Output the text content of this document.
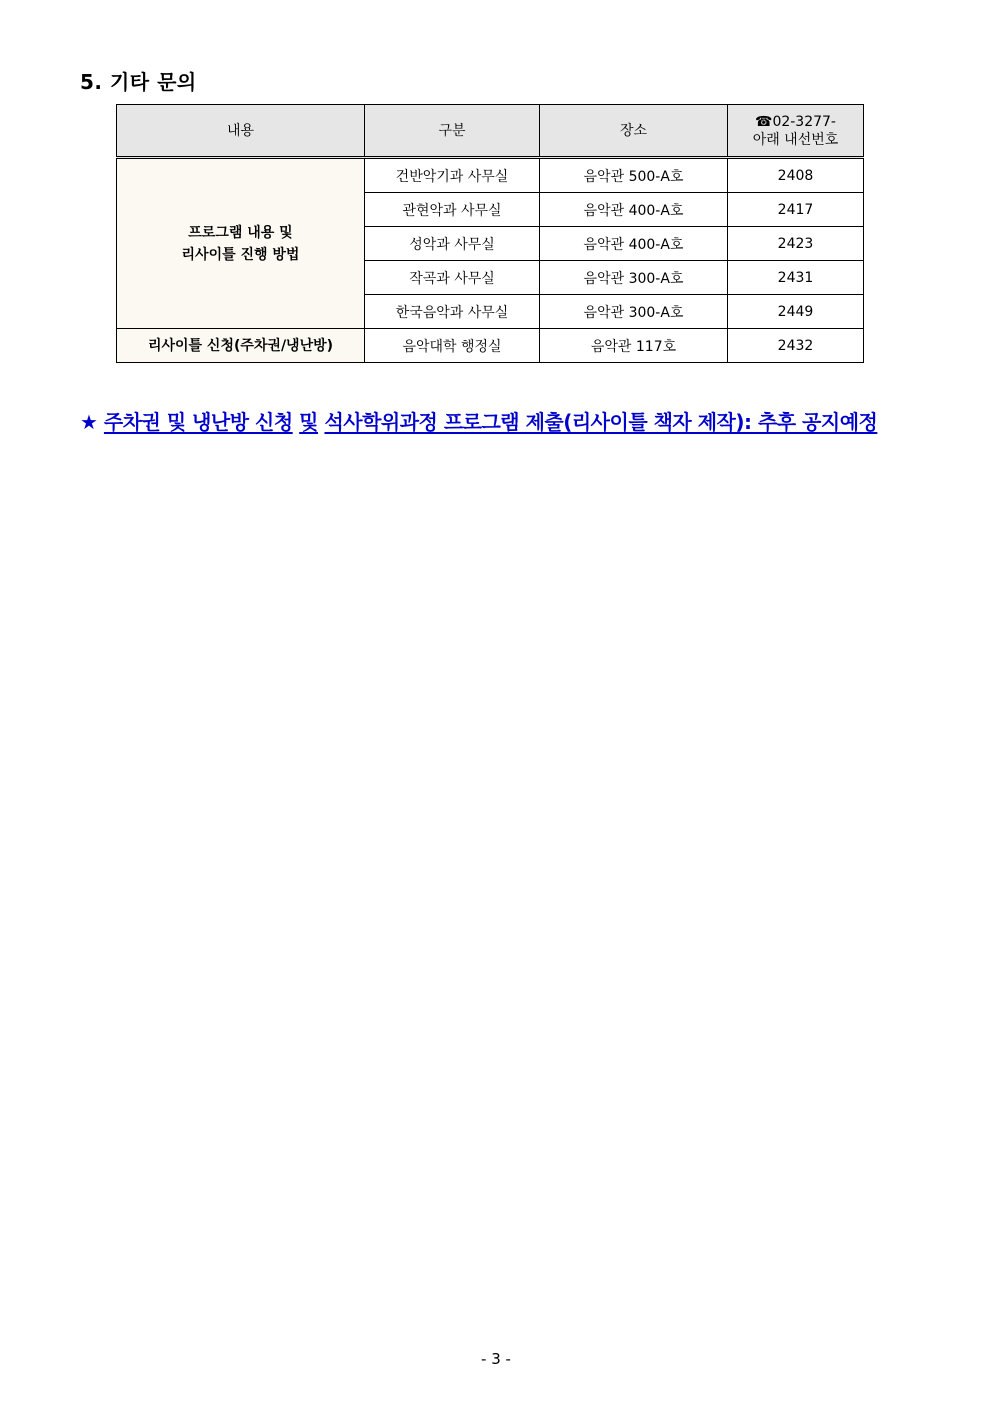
5. 기타 문의
내용	구분	장소	☎02-3277-
아래 내선번호
프로그램 내용 및
리사이틀 진행 방법	건반악기과 사무실	음악관 500-A호	2408
	관현악과 사무실	음악관 400-A호	2417
	성악과 사무실	음악관 400-A호	2423
	작곡과 사무실	음악관 300-A호	2431
	한국음악과 사무실	음악관 300-A호	2449
리사이틀 신청(주차권/냉난방)	음악대학 행정실	음악관 117호	2432
★ 주차권 및 냉난방 신청 및 석사학위과정 프로그램 제출(리사이틀 책자 제작): 추후 공지예정
- 3 -
